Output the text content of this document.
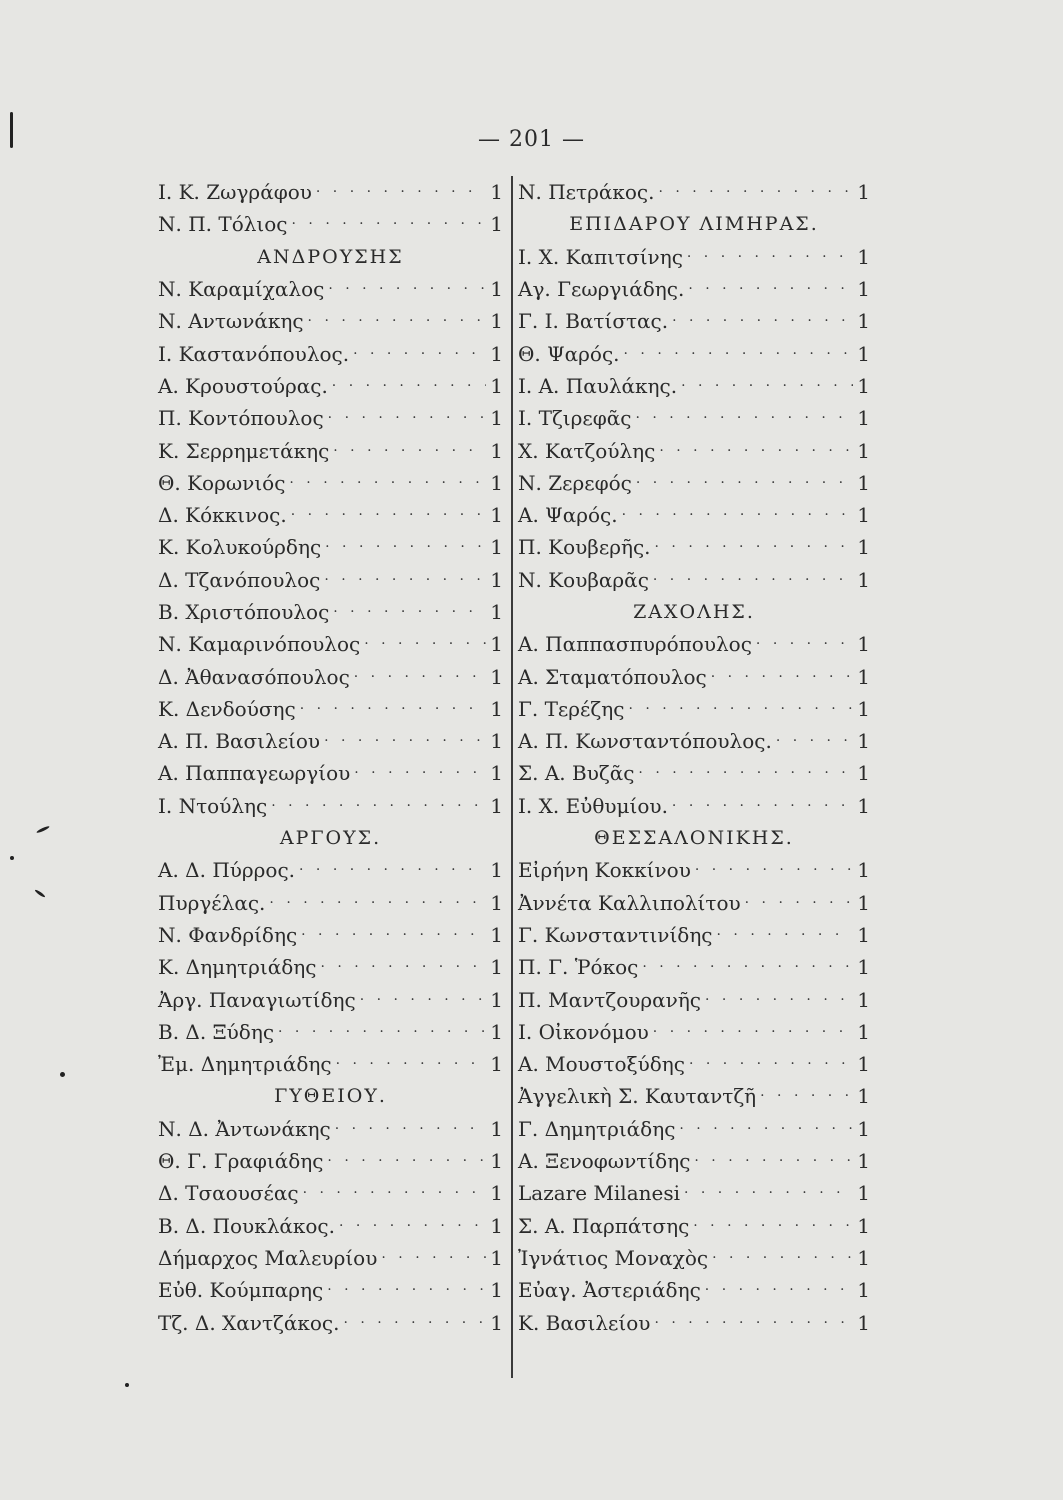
— 201 —
I. Κ. Ζωγράφου · · ·	1
Ν. Π. Τόλιος · · ·	1
ΑΝΔΡΟΥΣΗΣ
Ν. Καραμίχαλος · · ·	1
Ν. Αντωνάκης · · ·	1
I. Καστανόπουλος. · · ·	1
Α. Κρουστούρας. · · ·	1
Π. Κοντόπουλος · · ·	1
Κ. Σερρημετάκης · · ·	1
Θ. Κορωνιός · · ·	1
Δ. Κόκκινος. · · ·	1
Κ. Κολυκούρδης · · ·	1
Δ. Τζανόπουλος · · ·	1
Β. Χριστόπουλος · · ·	1
Ν. Καμαρινόπουλος · · ·	1
Δ. Ἀθανασόπουλος · · ·	1
Κ. Δενδούσης · · ·	1
Α. Π. Βασιλείου · · ·	1
Α. Παππαγεωργίου · · ·	1
I. Ντούλης · · ·	1
ΑΡΓΟΥΣ.
Α. Δ. Πύρρος. · · ·	1
Πυργέλας. · · ·	1
Ν. Φανδρίδης · · ·	1
Κ. Δημητριάδης · · ·	1
Ἀργ. Παναγιωτίδης · · ·	1
Β. Δ. Ξύδης · · ·	1
Ἐμ. Δημητριάδης · · ·	1
ΓΥΘΕΙΟΥ.
Ν. Δ. Ἀντωνάκης · · ·	1
Θ. Γ. Γραφιάδης · · ·	1
Δ. Τσαουσέας · · ·	1
Β. Δ. Πουκλάκος. · · ·	1
Δήμαρχος Μαλευρίου · · ·	1
Εὐθ. Κούμπαρης · · ·	1
Τζ. Δ. Χαντζάκος. · · ·	1
Ν. Πετράκος. · · ·	1
ΕΠΙΔΑΡΟΥ ΛΙΜΗΡΑΣ.
I. Χ. Καπιτσίνης · · ·	1
Αγ. Γεωργιάδης. · · ·	1
Γ. I. Βατίστας. · · ·	1
Θ. Ψαρός. · · ·	1
I. Α. Παυλάκης. · · ·	1
I. Τζιρεφᾶς · · ·	1
Χ. Κατζούλης · · ·	1
Ν. Ζερεφός · · ·	1
Α. Ψαρός. · · ·	1
Π. Κουβερῆς. · · ·	1
Ν. Κουβαρᾶς · · ·	1
ΖΑΧΟΛΗΣ.
Α. Παππασπυρόπουλος · · ·	1
Α. Σταματόπουλος · · ·	1
Γ. Τερέζης · · ·	1
Α. Π. Κωνσταντόπουλος. · · ·	1
Σ. Α. Βυζᾶς · · ·	1
I. Χ. Εὐθυμίου. · · ·	1
ΘΕΣΣΑΛΟΝΙΚΗΣ.
Εἰρήνη Κοκκίνου · · ·	1
Ἀννέτα Καλλιπολίτου · · ·	1
Γ. Κωνσταντινίδης · · ·	1
Π. Γ. Ῥόκος · · ·	1
Π. Μαντζουρανῆς · · ·	1
I. Οἰκονόμου · · ·	1
Α. Μουστοξύδης · · ·	1
Ἀγγελικὴ Σ. Καυταντζῆ · · ·	1
Γ. Δημητριάδης · · ·	1
Α. Ξενοφωντίδης · · ·	1
Lazare Milanesi · · ·	1
Σ. Α. Παρπάτσης · · ·	1
Ἰγνάτιος Μοναχὸς · · ·	1
Εὐαγ. Ἀστεριάδης · · ·	1
Κ. Βασιλείου · · ·	1
